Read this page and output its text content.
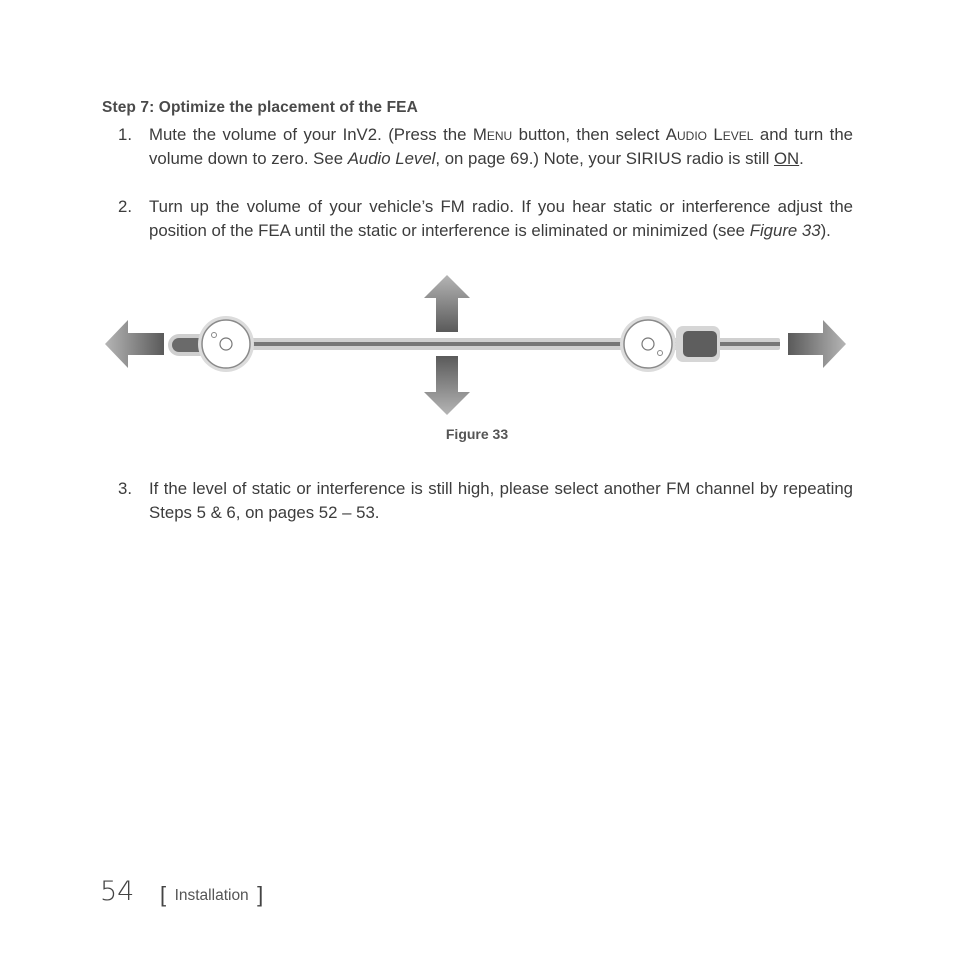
Step 7: Optimize the placement of the FEA
1. Mute the volume of your InV2. (Press the Menu button, then select Audio Level and turn the volume down to zero. See Audio Level, on page 69.) Note, your SIRIUS radio is still ON.
2. Turn up the volume of your vehicle’s FM radio. If you hear static or interference adjust the position of the FEA until the static or interference is eliminated or minimized (see Figure 33).
Figure 33
3. If the level of static or interference is still high, please select another FM channel by repeating Steps 5 & 6, on pages 52 – 53.
54 [ Installation ]
